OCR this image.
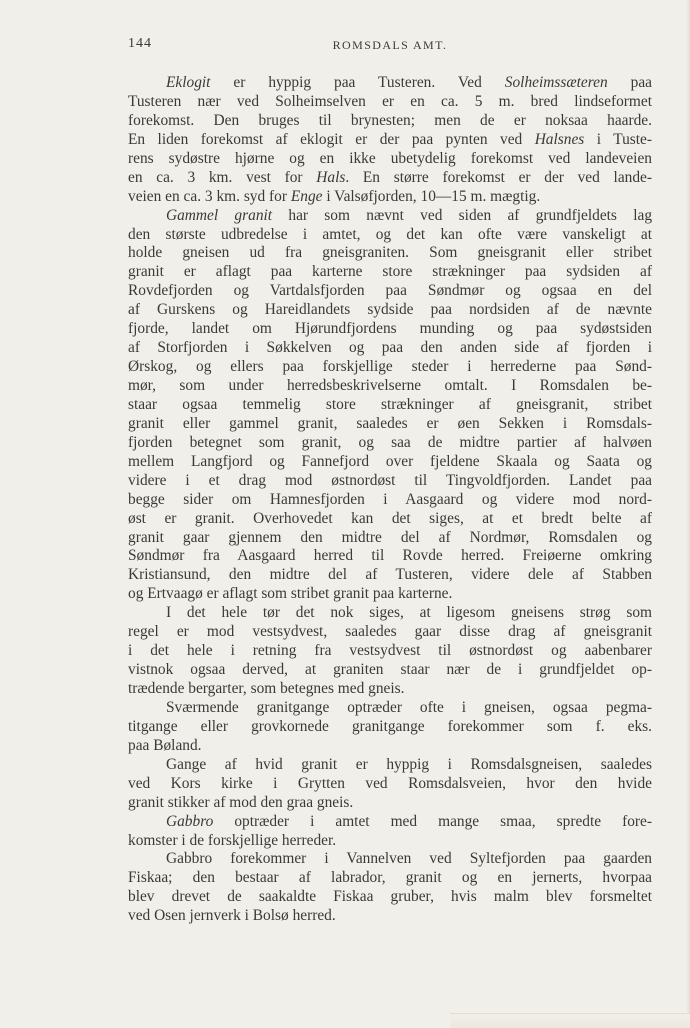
144	ROMSDALS AMT.
Eklogit er hyppig paa Tusteren. Ved Solheimssæteren paa
Tusteren nær ved Solheimselven er en ca. 5 m. bred lindseformet
forekomst. Den bruges til brynesten; men de er noksaa haarde.
En liden forekomst af eklogit er der paa pynten ved Halsnes i Tuste-
rens sydøstre hjørne og en ikke ubetydelig forekomst ved landeveien
en ca. 3 km. vest for Hals. En større forekomst er der ved lande-
veien en ca. 3 km. syd for Enge i Valsøfjorden, 10—15 m. mægtig.
Gammel granit har som nævnt ved siden af grundfjeldets lag
den største udbredelse i amtet, og det kan ofte være vanskeligt at
holde gneisen ud fra gneisgraniten. Som gneisgranit eller stribet
granit er aflagt paa karterne store strækninger paa sydsiden af
Rovdefjorden og Vartdalsfjorden paa Søndmør og ogsaa en del
af Gurskens og Hareidlandets sydside paa nordsiden af de nævnte
fjorde, landet om Hjørundfjordens munding og paa sydøstsiden
af Storfjorden i Søkkelven og paa den anden side af fjorden i
Ørskog, og ellers paa forskjellige steder i herrederne paa Sønd-
mør, som under herredsbeskrivelserne omtalt. I Romsdalen be-
staar ogsaa temmelig store strækninger af gneisgranit, stribet
granit eller gammel granit, saaledes er øen Sekken i Romsdals-
fjorden betegnet som granit, og saa de midtre partier af halvøen
mellem Langfjord og Fannefjord over fjeldene Skaala og Saata og
videre i et drag mod østnordøst til Tingvoldfjorden. Landet paa
begge sider om Hamnesfjorden i Aasgaard og videre mod nord-
øst er granit. Overhovedet kan det siges, at et bredt belte af
granit gaar gjennem den midtre del af Nordmør, Romsdalen og
Søndmør fra Aasgaard herred til Rovde herred. Freiøerne omkring
Kristiansund, den midtre del af Tusteren, videre dele af Stabben
og Ertvaagø er aflagt som stribet granit paa karterne.
I det hele tør det nok siges, at ligesom gneisens strøg som
regel er mod vestsydvest, saaledes gaar disse drag af gneisgranit
i det hele i retning fra vestsydvest til østnordøst og aabenbarer
vistnok ogsaa derved, at graniten staar nær de i grundfjeldet op-
trædende bergarter, som betegnes med gneis.
Sværmende granitgange optræder ofte i gneisen, ogsaa pegma-
titgange eller grovkornede granitgange forekommer som f. eks.
paa Bøland.
Gange af hvid granit er hyppig i Romsdalsgneisen, saaledes
ved Kors kirke i Grytten ved Romsdalsveien, hvor den hvide
granit stikker af mod den graa gneis.
Gabbro optræder i amtet med mange smaa, spredte fore-
komster i de forskjellige herreder.
Gabbro forekommer i Vannelven ved Syltefjorden paa gaarden
Fiskaa; den bestaar af labrador, granit og en jernerts, hvorpaa
blev drevet de saakaldte Fiskaa gruber, hvis malm blev forsmeltet
ved Osen jernverk i Bolsø herred.
